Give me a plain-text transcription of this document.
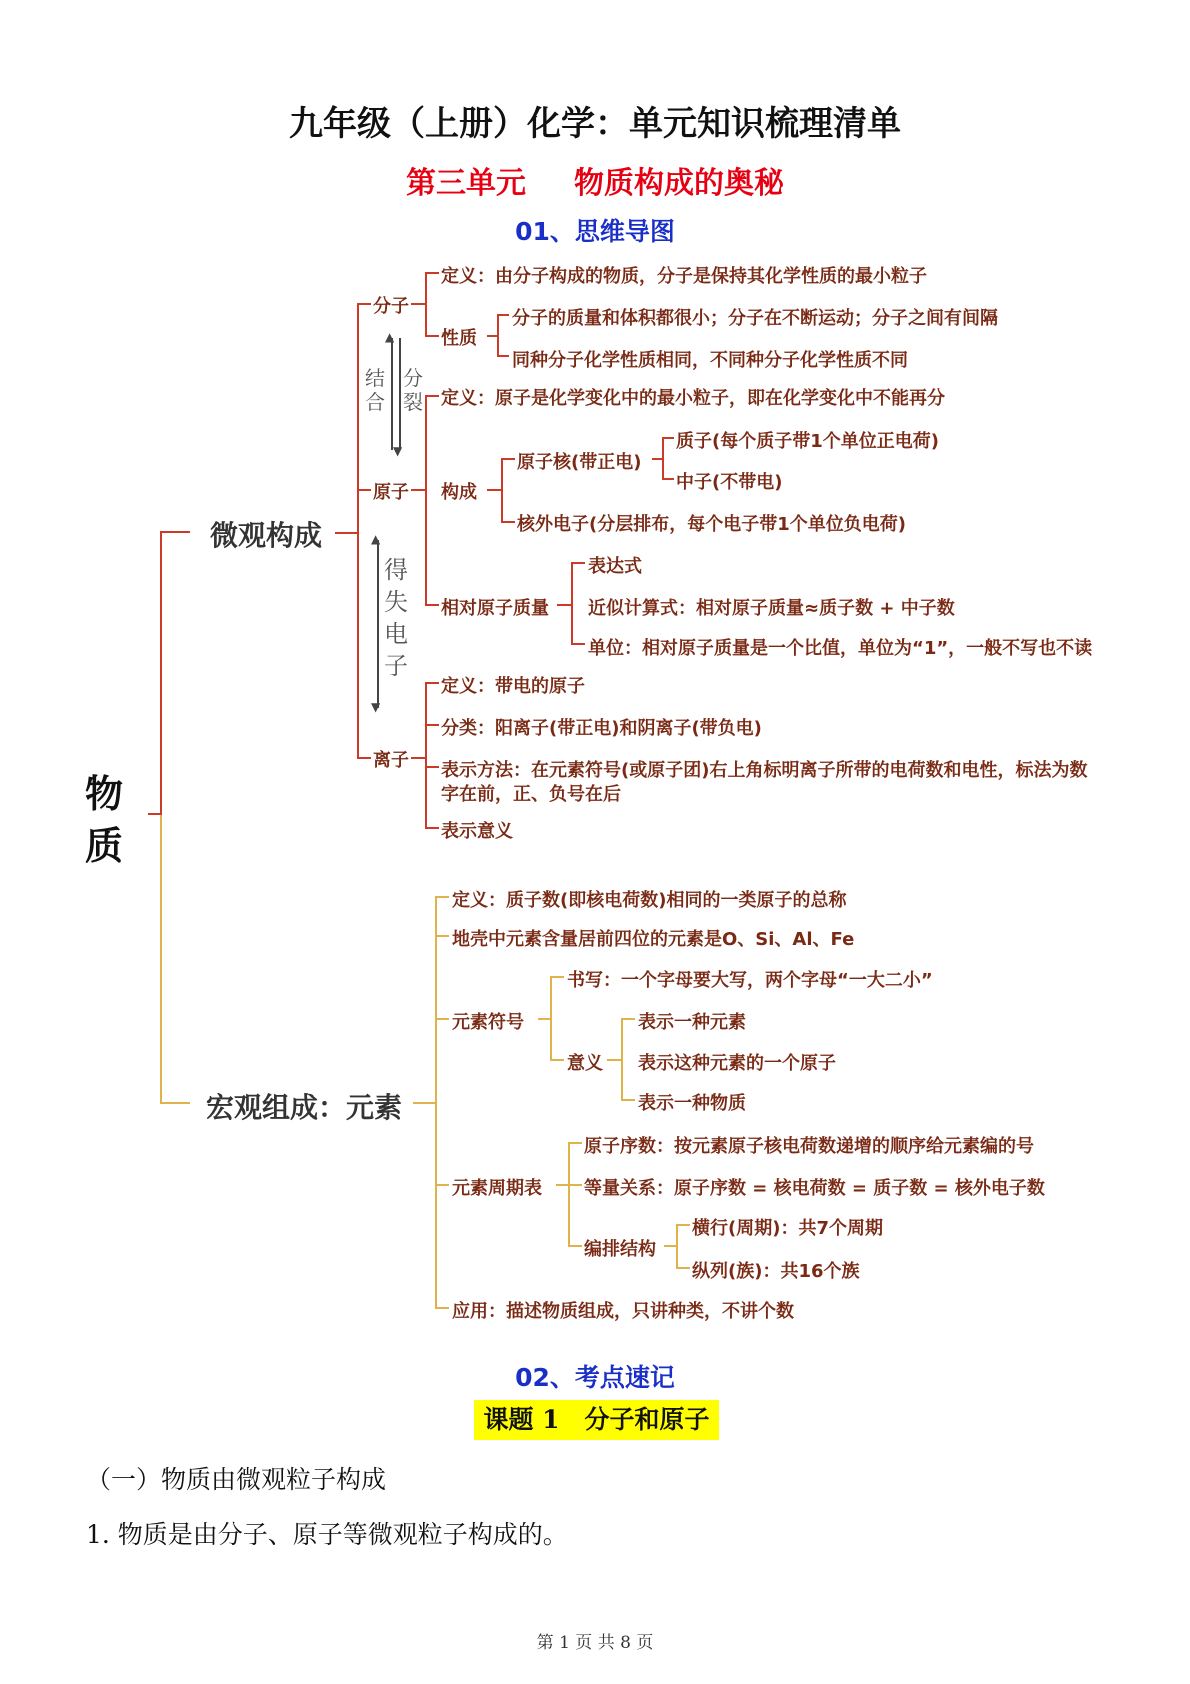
九年级（上册）化学：单元知识梳理清单
第三单元 物质构成的奥秘
01、思维导图
物质
微观构成
宏观组成：元素
分子
定义：由分子构成的物质，分子是保持其化学性质的最小粒子
性质
分子的质量和体积都很小；分子在不断运动；分子之间有间隔
同种分子化学性质相同，不同种分子化学性质不同
结合
▲
▼
分裂
原子
定义：原子是化学变化中的最小粒子，即在化学变化中不能再分
构成
原子核(带正电)
质子(每个质子带1个单位正电荷)
中子(不带电)
核外电子(分层排布，每个电子带1个单位负电荷)
▲
▼
得失电子
相对原子质量
表达式
近似计算式：相对原子质量≈质子数 + 中子数
单位：相对原子质量是一个比值，单位为“1”，一般不写也不读
离子
定义：带电的原子
分类：阳离子(带正电)和阴离子(带负电)
表示方法：在元素符号(或原子团)右上角标明离子所带的电荷数和电性，标法为数
字在前，正、负号在后
表示意义
定义：质子数(即核电荷数)相同的一类原子的总称
地壳中元素含量居前四位的元素是O、Si、Al、Fe
元素符号
书写：一个字母要大写，两个字母“一大二小”
意义
表示一种元素
表示这种元素的一个原子
表示一种物质
元素周期表
原子序数：按元素原子核电荷数递增的顺序给元素编的号
等量关系：原子序数 = 核电荷数 = 质子数 = 核外电子数
编排结构
横行(周期)：共7个周期
纵列(族)：共16个族
应用：描述物质组成，只讲种类，不讲个数
02、考点速记
课题 1　分子和原子
（一）物质由微观粒子构成
1. 物质是由分子、原子等微观粒子构成的。
第 1 页 共 8 页
